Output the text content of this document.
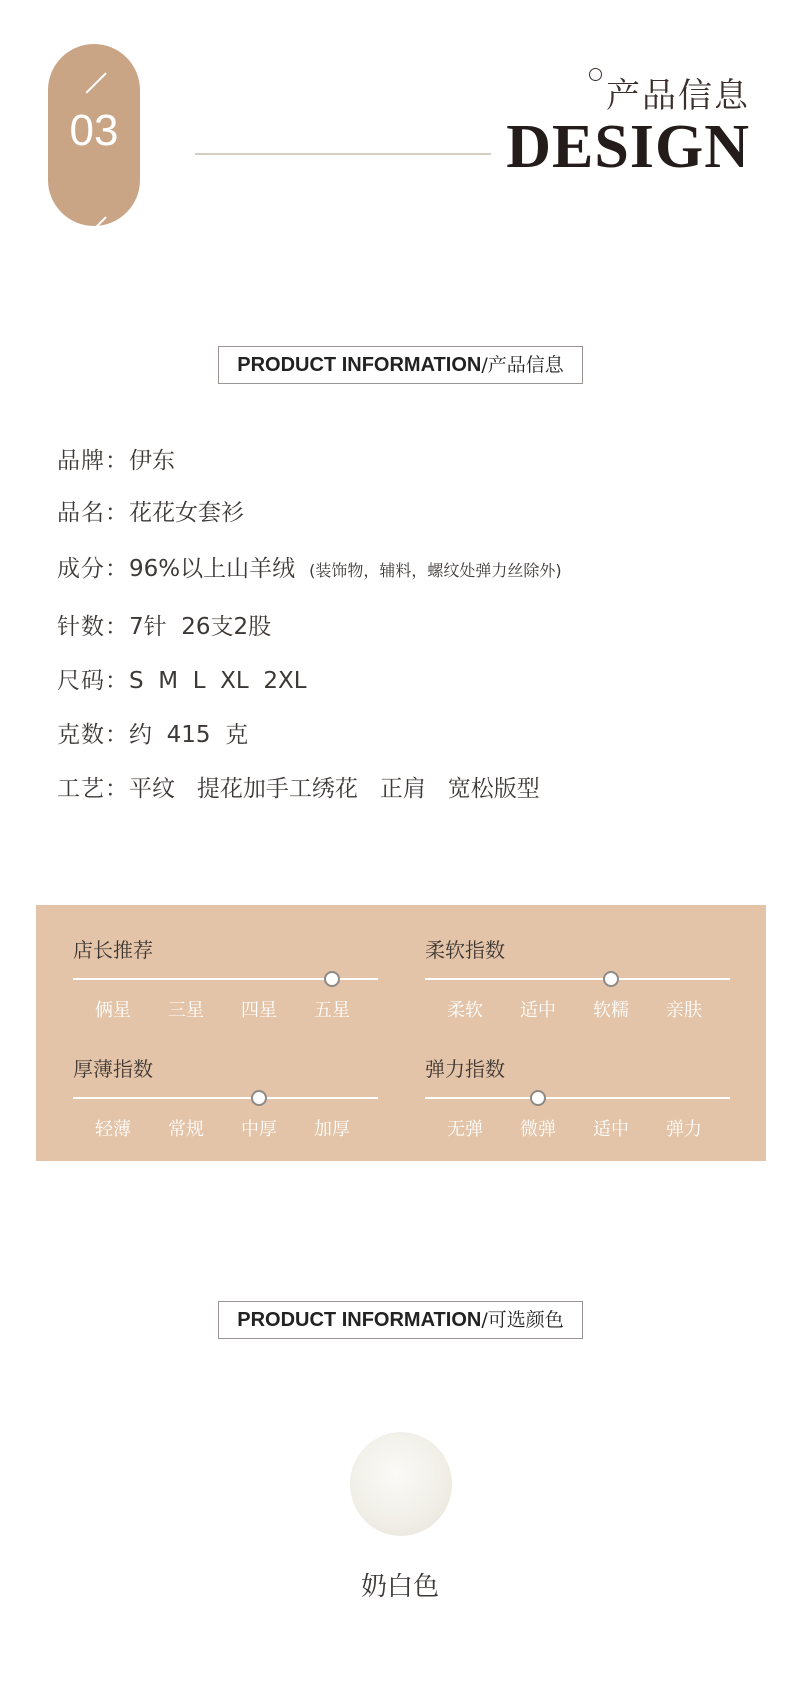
03
产品信息
DESIGN
PRODUCT INFORMATION/产品信息
品牌：伊东
品名：花花女套衫
成分：96%以上山羊绒 (装饰物，辅料，螺纹处弹力丝除外)
针数：7针  26支2股
尺码：S  M  L  XL  2XL
克数：约  415  克
工艺：平纹   提花加手工绣花   正肩   宽松版型
店长推荐
俩星	三星	四星	五星
柔软指数
柔软	适中	软糯	亲肤
厚薄指数
轻薄	常规	中厚	加厚
弹力指数
无弹	微弹	适中	弹力
PRODUCT INFORMATION/可选颜色
奶白色
